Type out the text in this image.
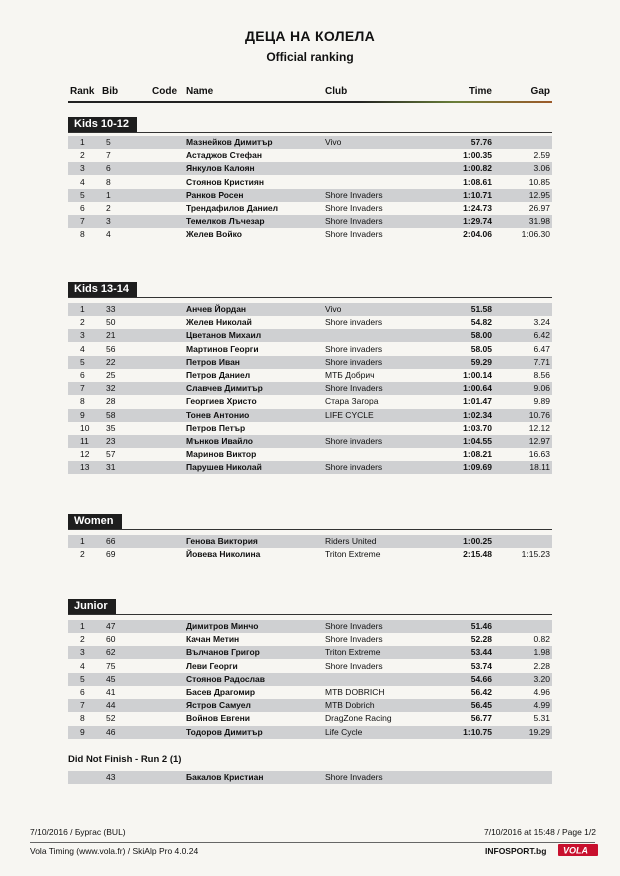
ДЕЦА НА КОЛЕЛА
Official ranking
Rank Bib	Code Name	Club	Time	Gap
Kids 10-12
1	5	Мазнейков Димитър	Vivo	57.76
2	7	Астаджов Стефан	1:00.35	2.59
3	6	Янкулов Калоян	1:00.82	3.06
4	8	Стоянов Кристиян	1:08.61	10.85
5	1	Ранков Росен	Shore Invaders	1:10.71	12.95
6	2	Трендафилов Даниел	Shore Invaders	1:24.73	26.97
7	3	Темелков Лъчезар	Shore Invaders	1:29.74	31.98
8	4	Желев Войко	Shore Invaders	2:04.06	1:06.30
Kids 13-14
1	33	Анчев Йордан	Vivo	51.58
2	50	Желев Николай	Shore invaders	54.82	3.24
3	21	Цветанов Михаил	58.00	6.42
4	56	Мартинов Георги	Shore invaders	58.05	6.47
5	22	Петров Иван	Shore invaders	59.29	7.71
6	25	Петров Даниел	МТБ Добрич	1:00.14	8.56
7	32	Славчев Димитър	Shore Invaders	1:00.64	9.06
8	28	Георгиев Христо	Стара Загора	1:01.47	9.89
9	58	Тонев Антонио	LIFE CYCLE	1:02.34	10.76
10 35	Петров Петър	1:03.70	12.12
11 23	Мънков Ивайло	Shore invaders	1:04.55	12.97
12 57	Маринов Виктор	1:08.21	16.63
13 31	Парушев Николай	Shore invaders	1:09.69	18.11
Women
1	66	Генова Виктория	Riders United	1:00.25
2	69	Йовева Николина	Triton Extreme	2:15.48	1:15.23
Junior
1	47	Димитров Минчо	Shore Invaders	51.46
2	60	Качан Метин	Shore Invaders	52.28	0.82
3	62	Вълчанов Григор	Triton Extreme	53.44	1.98
4	75	Леви Георги	Shore Invaders	53.74	2.28
5	45	Стоянов Радослав	54.66	3.20
6	41	Басев Драгомир	MTB DOBRICH	56.42	4.96
7	44	Ястров Самуел	MTB Dobrich	56.45	4.99
8	52	Войнов Евгени	DragZone Racing	56.77	5.31
9	46	Тодоров Димитър	Life Cycle	1:10.75	19.29
Did Not Finish - Run 2 (1)
43	Бакалов Кристиан	Shore Invaders
7/10/2016 / Бургас (BUL)	7/10/2016 at 15:48 / Page 1/2
Vola Timing (www.vola.fr) / SkiAlp Pro 4.0.24	INFOSPORT.bg VOLA
